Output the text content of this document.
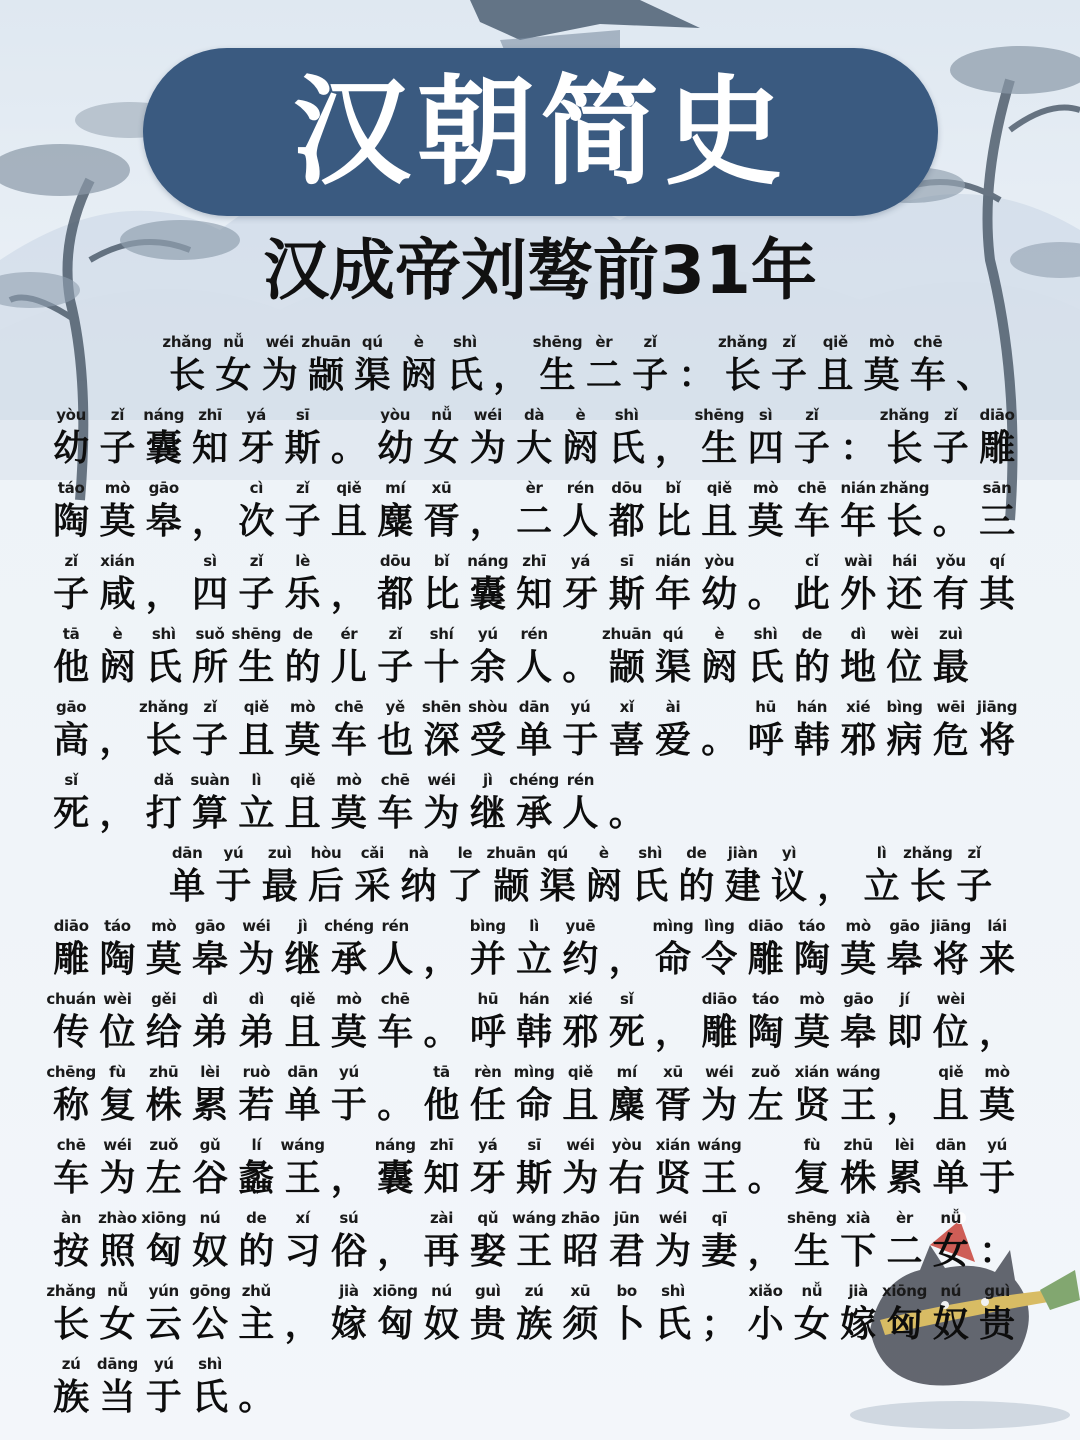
汉朝简史
汉成帝刘骜前31年
zhǎng
长
nǚ
女
wéi
为
zhuān
颛
qú
渠
è
阏
shì
氏 ，
shēng
生
èr
二
zǐ
子 ：
zhǎng
长
zǐ
子
qiě
且
mò
莫
chē
车 、
yòu
幼
zǐ
子
náng
囊
zhī
知
yá
牙
sī
斯 。
yòu
幼
nǚ
女
wéi
为
dà
大
è
阏
shì
氏 ，
shēng
生
sì
四
zǐ
子 ：
zhǎng
长
zǐ
子
diāo
雕
táo
陶
mò
莫
gāo
皋 ，
cì
次
zǐ
子
qiě
且
mí
麋
xū
胥 ，
èr
二
rén
人
dōu
都
bǐ
比
qiě
且
mò
莫
chē
车
nián
年
zhǎng
长 。
sān
三
zǐ
子
xián
咸 ，
sì
四
zǐ
子
lè
乐 ，
dōu
都
bǐ
比
náng
囊
zhī
知
yá
牙
sī
斯
nián
年
yòu
幼 。
cǐ
此
wài
外
hái
还
yǒu
有
qí
其
tā
他
è
阏
shì
氏
suǒ
所
shēng
生
de
的
ér
儿
zǐ
子
shí
十
yú
余
rén
人 。
zhuān
颛
qú
渠
è
阏
shì
氏
de
的
dì
地
wèi
位
zuì
最
gāo
高 ，
zhǎng
长
zǐ
子
qiě
且
mò
莫
chē
车
yě
也
shēn
深
shòu
受
dān
单
yú
于
xǐ
喜
ài
爱 。
hū
呼
hán
韩
xié
邪
bìng
病
wēi
危
jiāng
将
sǐ
死 ，
dǎ
打
suàn
算
lì
立
qiě
且
mò
莫
chē
车
wéi
为
jì
继
chéng
承
rén
人 。
dān
单
yú
于
zuì
最
hòu
后
cǎi
采
nà
纳
le
了
zhuān
颛
qú
渠
è
阏
shì
氏
de
的
jiàn
建
yì
议 ，
lì
立
zhǎng
长
zǐ
子
diāo
雕
táo
陶
mò
莫
gāo
皋
wéi
为
jì
继
chéng
承
rén
人 ，
bìng
并
lì
立
yuē
约 ，
mìng
命
lìng
令
diāo
雕
táo
陶
mò
莫
gāo
皋
jiāng
将
lái
来
chuán
传
wèi
位
gěi
给
dì
弟
dì
弟
qiě
且
mò
莫
chē
车 。
hū
呼
hán
韩
xié
邪
sǐ
死 ，
diāo
雕
táo
陶
mò
莫
gāo
皋
jí
即
wèi
位 ，
chēng
称
fù
复
zhū
株
lèi
累
ruò
若
dān
单
yú
于 。
tā
他
rèn
任
mìng
命
qiě
且
mí
麋
xū
胥
wéi
为
zuǒ
左
xián
贤
wáng
王 ，
qiě
且
mò
莫
chē
车
wéi
为
zuǒ
左
gǔ
谷
lí
蠡
wáng
王 ，
náng
囊
zhī
知
yá
牙
sī
斯
wéi
为
yòu
右
xián
贤
wáng
王 。
fù
复
zhū
株
lèi
累
dān
单
yú
于
àn
按
zhào
照
xiōng
匈
nú
奴
de
的
xí
习
sú
俗 ，
zài
再
qǔ
娶
wáng
王
zhāo
昭
jūn
君
wéi
为
qī
妻 ，
shēng
生
xià
下
èr
二
nǚ
女 ：
zhǎng
长
nǚ
女
yún
云
gōng
公
zhǔ
主 ，
jià
嫁
xiōng
匈
nú
奴
guì
贵
zú
族
xū
须
bo
卜
shì
氏 ；
xiǎo
小
nǚ
女
jià
嫁
xiōng
匈
nú
奴
guì
贵
zú
族
dāng
当
yú
于
shì
氏 。
